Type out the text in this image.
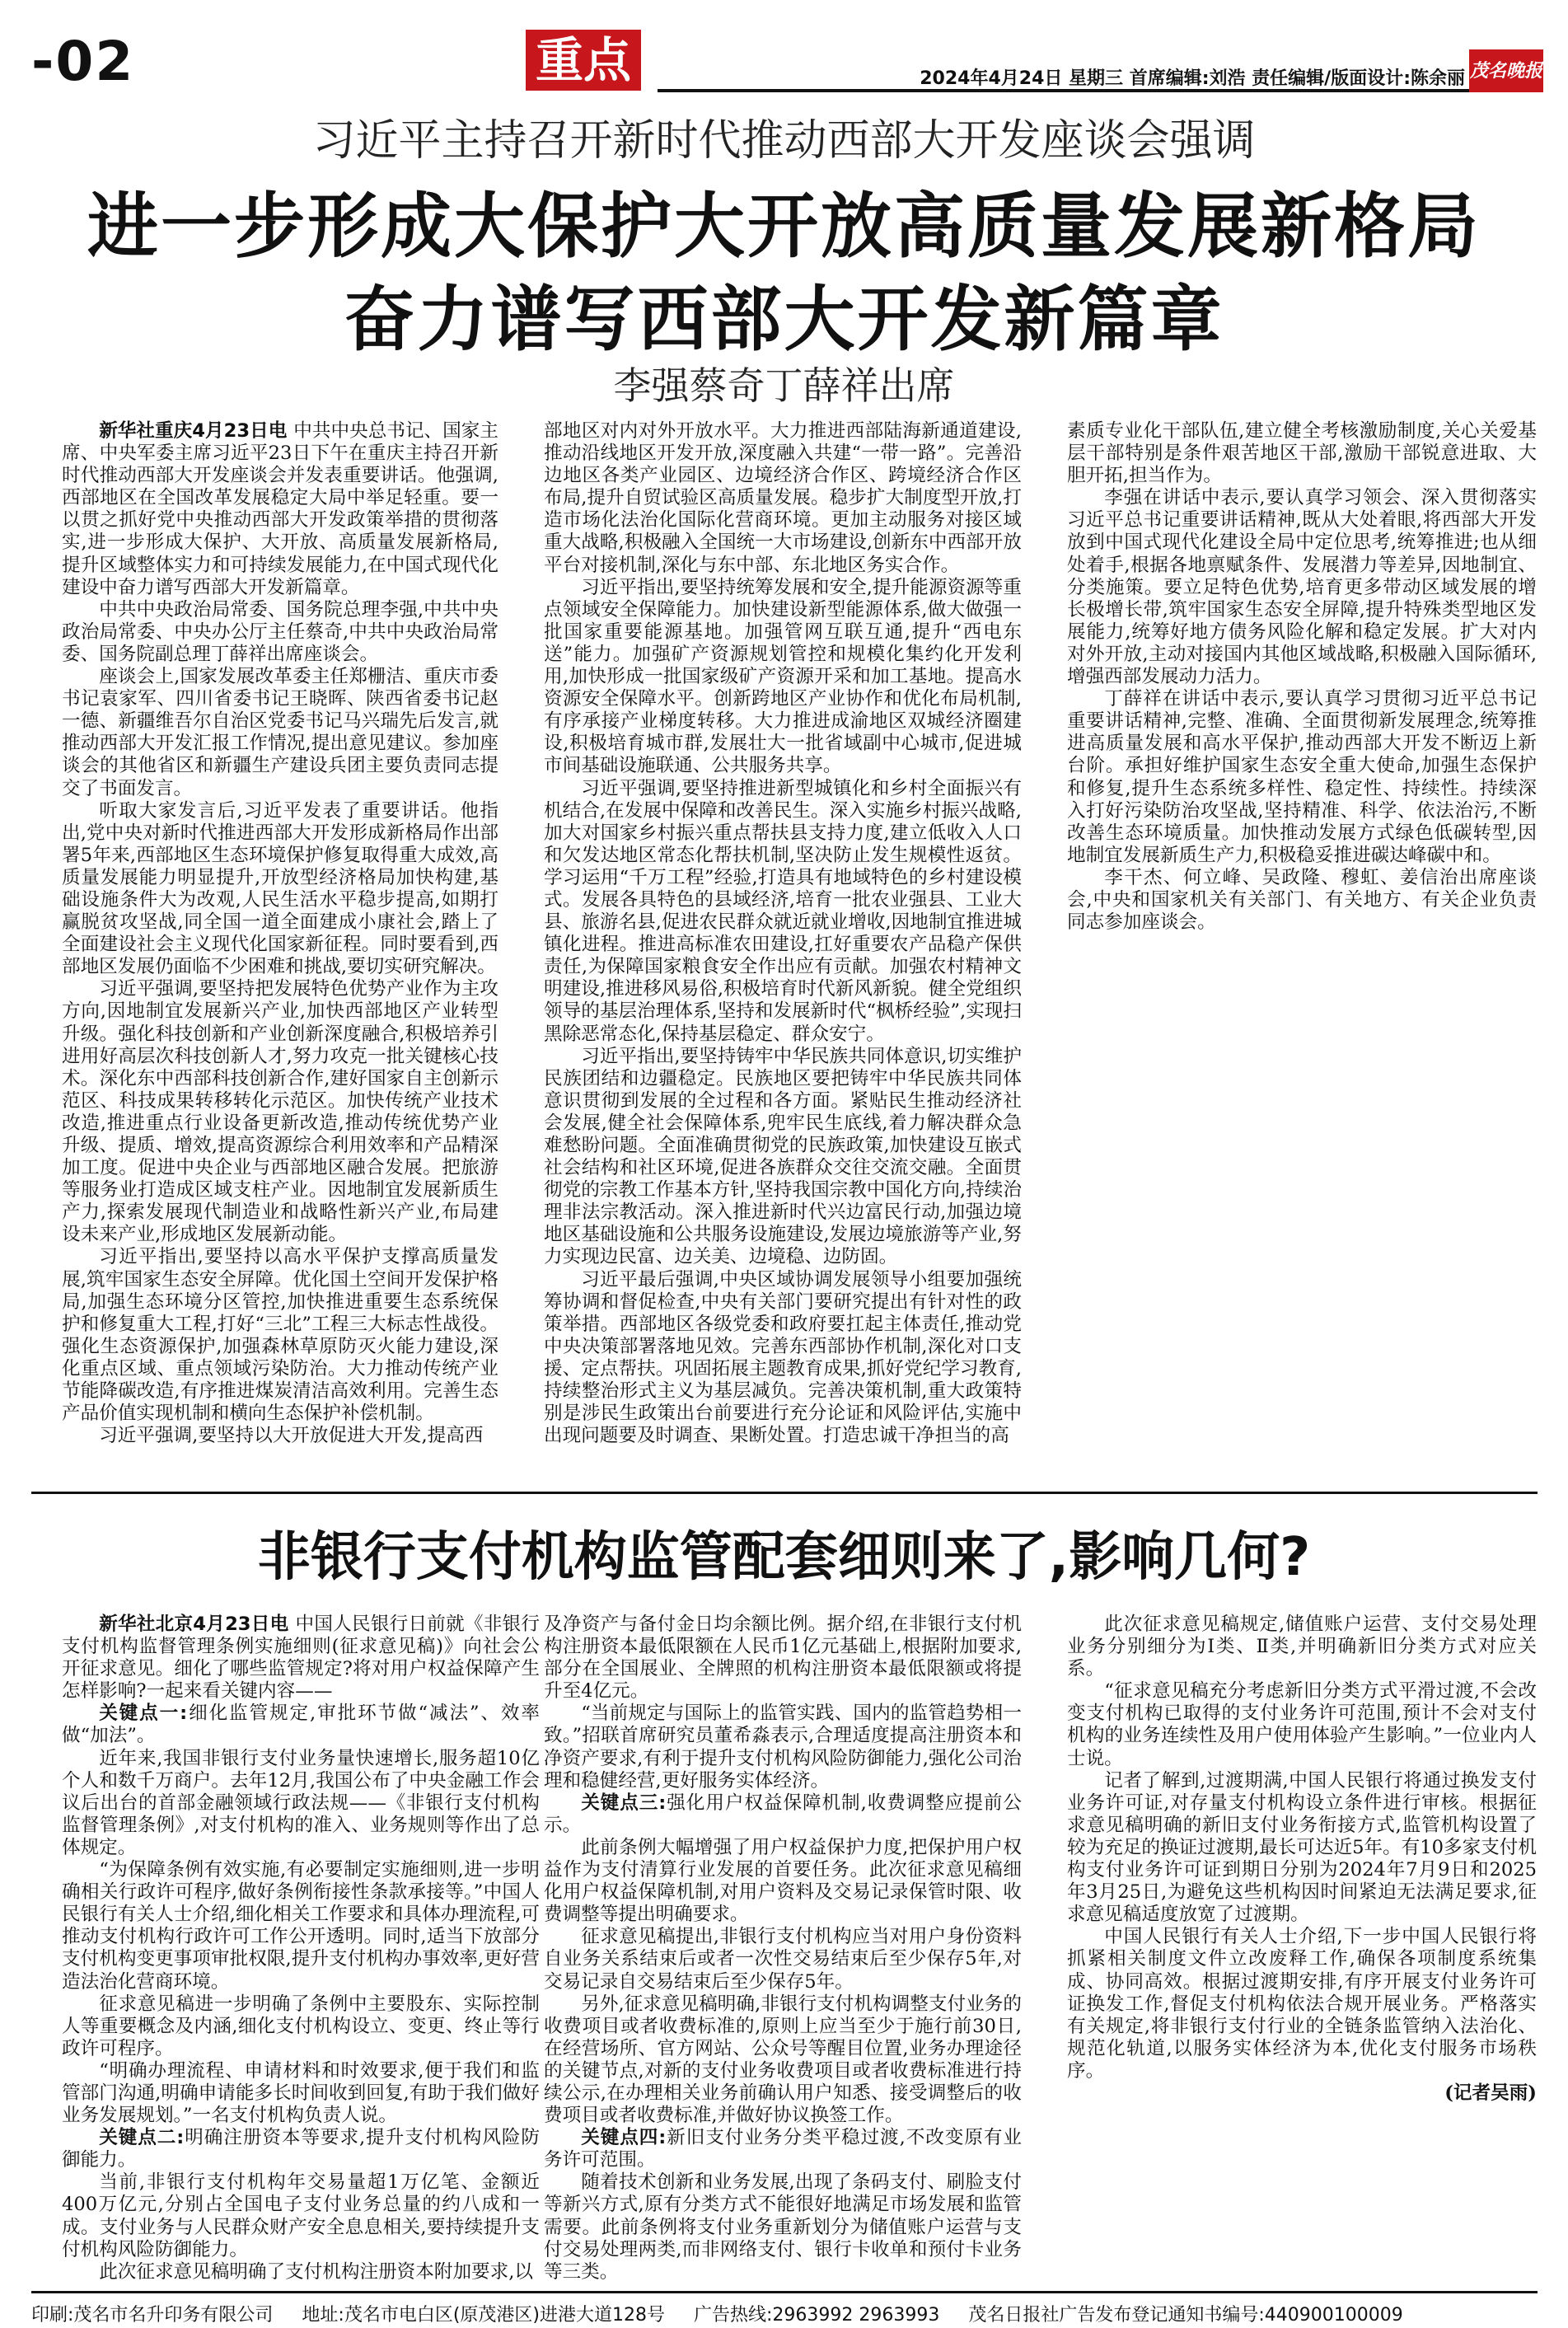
-02	重点	2024年4月24日 星期三 首席编辑:刘浩 责任编辑/版面设计:陈余丽 茂名晚报
习近平主持召开新时代推动西部大开发座谈会强调
进一步形成大保护大开放高质量发展新格局
奋力谱写西部大开发新篇章
李强蔡奇丁薛祥出席

新华社重庆4月23日电 中共中央总书记、国家主席、中央军委主席习近平23日下午在重庆主持召开新时代推动西部大开发座谈会并发表重要讲话。他强调,西部地区在全国改革发展稳定大局中举足轻重。要一以贯之抓好党中央推动西部大开发政策举措的贯彻落实,进一步形成大保护、大开放、高质量发展新格局,提升区域整体实力和可持续发展能力,在中国式现代化建设中奋力谱写西部大开发新篇章。

中共中央政治局常委、国务院总理李强,中共中央政治局常委、中央办公厅主任蔡奇,中共中央政治局常委、国务院副总理丁薛祥出席座谈会。

座谈会上,国家发展改革委主任郑栅洁、重庆市委书记袁家军、四川省委书记王晓晖、陕西省委书记赵一德、新疆维吾尔自治区党委书记马兴瑞先后发言,就推动西部大开发汇报工作情况,提出意见建议。参加座谈会的其他省区和新疆生产建设兵团主要负责同志提交了书面发言。

听取大家发言后,习近平发表了重要讲话。他指出,党中央对新时代推进西部大开发形成新格局作出部署5年来,西部地区生态环境保护修复取得重大成效,高质量发展能力明显提升,开放型经济格局加快构建,基础设施条件大为改观,人民生活水平稳步提高,如期打赢脱贫攻坚战,同全国一道全面建成小康社会,踏上了全面建设社会主义现代化国家新征程。同时要看到,西部地区发展仍面临不少困难和挑战,要切实研究解决。

习近平强调,要坚持把发展特色优势产业作为主攻方向,因地制宜发展新兴产业,加快西部地区产业转型升级。强化科技创新和产业创新深度融合,积极培养引进用好高层次科技创新人才,努力攻克一批关键核心技术。深化东中西部科技创新合作,建好国家自主创新示范区、科技成果转移转化示范区。加快传统产业技术改造,推进重点行业设备更新改造,推动传统优势产业升级、提质、增效,提高资源综合利用效率和产品精深加工度。促进中央企业与西部地区融合发展。把旅游等服务业打造成区域支柱产业。因地制宜发展新质生产力,探索发展现代制造业和战略性新兴产业,布局建设未来产业,形成地区发展新动能。

习近平指出,要坚持以高水平保护支撑高质量发展,筑牢国家生态安全屏障。优化国土空间开发保护格局,加强生态环境分区管控,加快推进重要生态系统保护和修复重大工程,打好“三北”工程三大标志性战役。强化生态资源保护,加强森林草原防灭火能力建设,深化重点区域、重点领域污染防治。大力推动传统产业节能降碳改造,有序推进煤炭清洁高效利用。完善生态产品价值实现机制和横向生态保护补偿机制。

习近平强调,要坚持以大开放促进大开发,提高西

部地区对内对外开放水平。大力推进西部陆海新通道建设,推动沿线地区开发开放,深度融入共建“一带一路”。完善沿边地区各类产业园区、边境经济合作区、跨境经济合作区布局,提升自贸试验区高质量发展。稳步扩大制度型开放,打造市场化法治化国际化营商环境。更加主动服务对接区域重大战略,积极融入全国统一大市场建设,创新东中西部开放平台对接机制,深化与东中部、东北地区务实合作。

习近平指出,要坚持统筹发展和安全,提升能源资源等重点领域安全保障能力。加快建设新型能源体系,做大做强一批国家重要能源基地。加强管网互联互通,提升“西电东送”能力。加强矿产资源规划管控和规模化集约化开发利用,加快形成一批国家级矿产资源开采和加工基地。提高水资源安全保障水平。创新跨地区产业协作和优化布局机制,有序承接产业梯度转移。大力推进成渝地区双城经济圈建设,积极培育城市群,发展壮大一批省域副中心城市,促进城市间基础设施联通、公共服务共享。

习近平强调,要坚持推进新型城镇化和乡村全面振兴有机结合,在发展中保障和改善民生。深入实施乡村振兴战略,加大对国家乡村振兴重点帮扶县支持力度,建立低收入人口和欠发达地区常态化帮扶机制,坚决防止发生规模性返贫。学习运用“千万工程”经验,打造具有地域特色的乡村建设模式。发展各具特色的县域经济,培育一批农业强县、工业大县、旅游名县,促进农民群众就近就业增收,因地制宜推进城镇化进程。推进高标准农田建设,扛好重要农产品稳产保供责任,为保障国家粮食安全作出应有贡献。加强农村精神文明建设,推进移风易俗,积极培育时代新风新貌。健全党组织领导的基层治理体系,坚持和发展新时代“枫桥经验”,实现扫黑除恶常态化,保持基层稳定、群众安宁。

习近平指出,要坚持铸牢中华民族共同体意识,切实维护民族团结和边疆稳定。民族地区要把铸牢中华民族共同体意识贯彻到发展的全过程和各方面。紧贴民生推动经济社会发展,健全社会保障体系,兜牢民生底线,着力解决群众急难愁盼问题。全面准确贯彻党的民族政策,加快建设互嵌式社会结构和社区环境,促进各族群众交往交流交融。全面贯彻党的宗教工作基本方针,坚持我国宗教中国化方向,持续治理非法宗教活动。深入推进新时代兴边富民行动,加强边境地区基础设施和公共服务设施建设,发展边境旅游等产业,努力实现边民富、边关美、边境稳、边防固。

习近平最后强调,中央区域协调发展领导小组要加强统筹协调和督促检查,中央有关部门要研究提出有针对性的政策举措。西部地区各级党委和政府要扛起主体责任,推动党中央决策部署落地见效。完善东西部协作机制,深化对口支援、定点帮扶。巩固拓展主题教育成果,抓好党纪学习教育,持续整治形式主义为基层减负。完善决策机制,重大政策特别是涉民生政策出台前要进行充分论证和风险评估,实施中出现问题要及时调查、果断处置。打造忠诚干净担当的高

素质专业化干部队伍,建立健全考核激励制度,关心关爱基层干部特别是条件艰苦地区干部,激励干部锐意进取、大胆开拓,担当作为。

李强在讲话中表示,要认真学习领会、深入贯彻落实习近平总书记重要讲话精神,既从大处着眼,将西部大开发放到中国式现代化建设全局中定位思考,统筹推进;也从细处着手,根据各地禀赋条件、发展潜力等差异,因地制宜、分类施策。要立足特色优势,培育更多带动区域发展的增长极增长带,筑牢国家生态安全屏障,提升特殊类型地区发展能力,统筹好地方债务风险化解和稳定发展。扩大对内对外开放,主动对接国内其他区域战略,积极融入国际循环,增强西部发展动力活力。

丁薛祥在讲话中表示,要认真学习贯彻习近平总书记重要讲话精神,完整、准确、全面贯彻新发展理念,统筹推进高质量发展和高水平保护,推动西部大开发不断迈上新台阶。承担好维护国家生态安全重大使命,加强生态保护和修复,提升生态系统多样性、稳定性、持续性。持续深入打好污染防治攻坚战,坚持精准、科学、依法治污,不断改善生态环境质量。加快推动发展方式绿色低碳转型,因地制宜发展新质生产力,积极稳妥推进碳达峰碳中和。

李干杰、何立峰、吴政隆、穆虹、姜信治出席座谈会,中央和国家机关有关部门、有关地方、有关企业负责同志参加座谈会。

非银行支付机构监管配套细则来了,影响几何?

新华社北京4月23日电 中国人民银行日前就《非银行支付机构监督管理条例实施细则(征求意见稿)》向社会公开征求意见。细化了哪些监管规定?将对用户权益保障产生怎样影响?一起来看关键内容——

关键点一:细化监管规定,审批环节做“减法”、效率做“加法”。

近年来,我国非银行支付业务量快速增长,服务超10亿个人和数千万商户。去年12月,我国公布了中央金融工作会议后出台的首部金融领域行政法规——《非银行支付机构监督管理条例》,对支付机构的准入、业务规则等作出了总体规定。

“为保障条例有效实施,有必要制定实施细则,进一步明确相关行政许可程序,做好条例衔接性条款承接等。”中国人民银行有关人士介绍,细化相关工作要求和具体办理流程,可推动支付机构行政许可工作公开透明。同时,适当下放部分支付机构变更事项审批权限,提升支付机构办事效率,更好营造法治化营商环境。

征求意见稿进一步明确了条例中主要股东、实际控制人等重要概念及内涵,细化支付机构设立、变更、终止等行政许可程序。

“明确办理流程、申请材料和时效要求,便于我们和监管部门沟通,明确申请能多长时间收到回复,有助于我们做好业务发展规划。”一名支付机构负责人说。

关键点二:明确注册资本等要求,提升支付机构风险防御能力。

当前,非银行支付机构年交易量超1万亿笔、金额近400万亿元,分别占全国电子支付业务总量的约八成和一成。支付业务与人民群众财产安全息息相关,要持续提升支付机构风险防御能力。

此次征求意见稿明确了支付机构注册资本附加要求,以

及净资产与备付金日均余额比例。据介绍,在非银行支付机构注册资本最低限额在人民币1亿元基础上,根据附加要求,部分在全国展业、全牌照的机构注册资本最低限额或将提升至4亿元。

“当前规定与国际上的监管实践、国内的监管趋势相一致。”招联首席研究员董希淼表示,合理适度提高注册资本和净资产要求,有利于提升支付机构风险防御能力,强化公司治理和稳健经营,更好服务实体经济。

关键点三:强化用户权益保障机制,收费调整应提前公示。

此前条例大幅增强了用户权益保护力度,把保护用户权益作为支付清算行业发展的首要任务。此次征求意见稿细化用户权益保障机制,对用户资料及交易记录保管时限、收费调整等提出明确要求。

征求意见稿提出,非银行支付机构应当对用户身份资料自业务关系结束后或者一次性交易结束后至少保存5年,对交易记录自交易结束后至少保存5年。

另外,征求意见稿明确,非银行支付机构调整支付业务的收费项目或者收费标准的,原则上应当至少于施行前30日,在经营场所、官方网站、公众号等醒目位置,业务办理途径的关键节点,对新的支付业务收费项目或者收费标准进行持续公示,在办理相关业务前确认用户知悉、接受调整后的收费项目或者收费标准,并做好协议换签工作。

关键点四:新旧支付业务分类平稳过渡,不改变原有业务许可范围。

随着技术创新和业务发展,出现了条码支付、刷脸支付等新兴方式,原有分类方式不能很好地满足市场发展和监管需要。此前条例将支付业务重新划分为储值账户运营与支付交易处理两类,而非网络支付、银行卡收单和预付卡业务等三类。

此次征求意见稿规定,储值账户运营、支付交易处理业务分别细分为Ⅰ类、Ⅱ类,并明确新旧分类方式对应关系。

“征求意见稿充分考虑新旧分类方式平滑过渡,不会改变支付机构已取得的支付业务许可范围,预计不会对支付机构的业务连续性及用户使用体验产生影响。”一位业内人士说。

记者了解到,过渡期满,中国人民银行将通过换发支付业务许可证,对存量支付机构设立条件进行审核。根据征求意见稿明确的新旧支付业务衔接方式,监管机构设置了较为充足的换证过渡期,最长可达近5年。有10多家支付机构支付业务许可证到期日分别为2024年7月9日和2025年3月25日,为避免这些机构因时间紧迫无法满足要求,征求意见稿适度放宽了过渡期。

中国人民银行有关人士介绍,下一步中国人民银行将抓紧相关制度文件立改废释工作,确保各项制度系统集成、协同高效。根据过渡期安排,有序开展支付业务许可证换发工作,督促支付机构依法合规开展业务。严格落实有关规定,将非银行支付行业的全链条监管纳入法治化、规范化轨道,以服务实体经济为本,优化支付服务市场秩序。

(记者吴雨)

印刷:茂名市名升印务有限公司 地址:茂名市电白区(原茂港区)进港大道128号 广告热线:2963992 2963993 茂名日报社广告发布登记通知书编号:440900100009
